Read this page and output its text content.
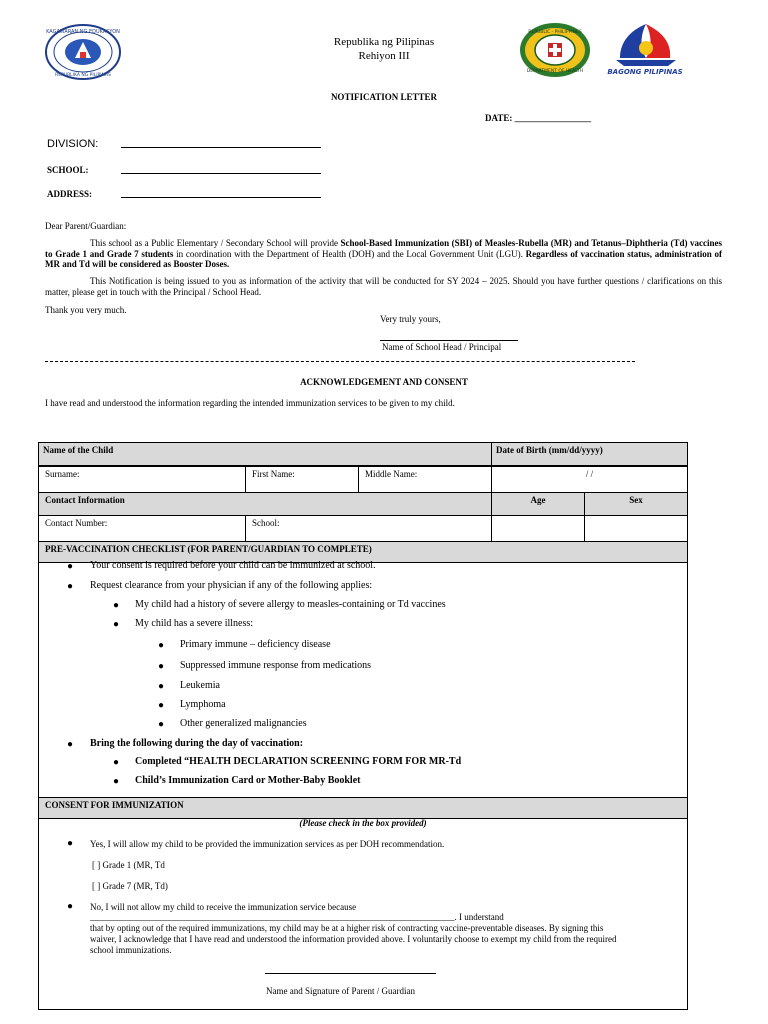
KAGAWARAN NG EDUKASYON
REPUBLIKA NG PILIPINAS
Republika ng Pilipinas
Rehiyon III
REPUBLIC · PHILIPPINES
DEPARTMENT OF HEALTH	BAGONG PILIPINAS
NOTIFICATION LETTER
DATE: _________________
DIVISION:
SCHOOL:
ADDRESS:
Dear Parent/Guardian:
This school as a Public Elementary / Secondary School will provide School-Based Immunization (SBI) of Measles-Rubella (MR) and Tetanus–Diphtheria (Td) vaccines to Grade 1 and Grade 7 students in coordination with the Department of Health (DOH) and the Local Government Unit (LGU). Regardless of vaccination status, administration of MR and Td will be considered as Booster Doses.
This Notification is being issued to you as information of the activity that will be conducted for SY 2024 – 2025. Should you have further questions / clarifications on this matter, please get in touch with the Principal / School Head.
Thank you very much.
Very truly yours,
Name of School Head / Principal
ACKNOWLEDGEMENT AND CONSENT
I have read and understood the information regarding the intended immunization services to be given to my child.
Name of the Child	Date of Birth (mm/dd/yyyy)
Surname:	First Name:	Middle Name:	/ /
Contact Information	Age	Sex
Contact Number:	School:
PRE-VACCINATION CHECKLIST (FOR PARENT/GUARDIAN TO COMPLETE)
● Your consent is required before your child can be immunized at school.
● Request clearance from your physician if any of the following applies:
● My child had a history of severe allergy to measles-containing or Td vaccines
● My child has a severe illness:
● Primary immune – deficiency disease
● Suppressed immune response from medications
● Leukemia
● Lymphoma
● Other generalized malignancies
● Bring the following during the day of vaccination:
● Completed “HEALTH DECLARATION SCREENING FORM FOR MR-Td
● Child’s Immunization Card or Mother-Baby Booklet
CONSENT FOR IMMUNIZATION
(Please check in the box provided)
● Yes, I will allow my child to be provided the immunization services as per DOH recommendation.
[ ] Grade 1 (MR, Td
[ ] Grade 7 (MR, Td)
● No, I will not allow my child to receive the immunization service because
_________________________________________________________________________________. I understand
that by opting out of the required immunizations, my child may be at a higher risk of contracting vaccine-preventable diseases. By signing this
waiver, I acknowledge that I have read and understood the information provided above. I voluntarily choose to exempt my child from the required
school immunizations.
Name and Signature of Parent / Guardian
